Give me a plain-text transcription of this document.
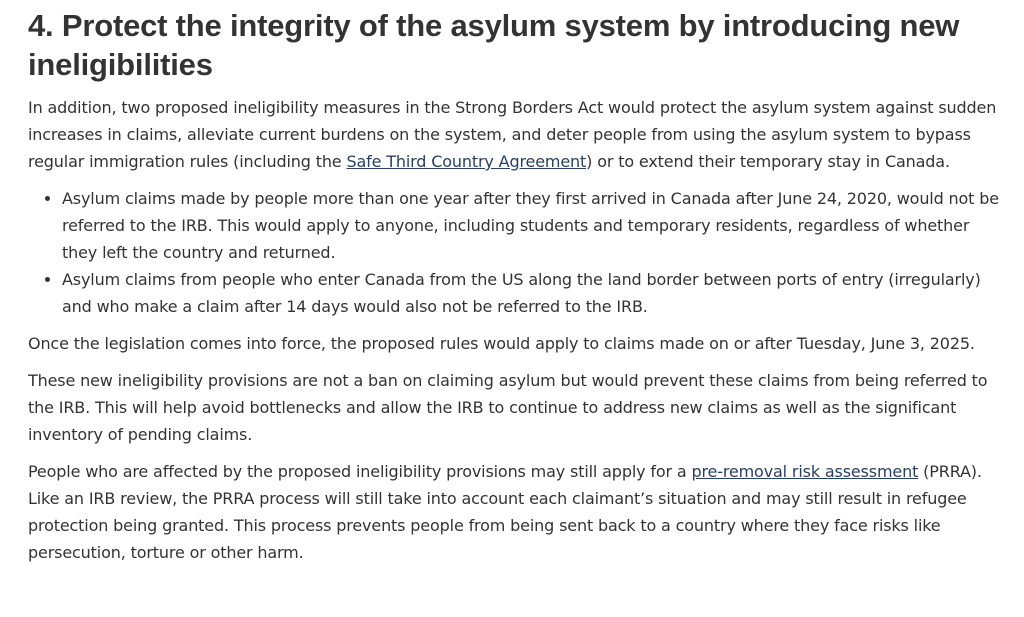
4. Protect the integrity of the asylum system by introducing new ineligibilities

In addition, two proposed ineligibility measures in the Strong Borders Act would protect the asylum system against sudden increases in claims, alleviate current burdens on the system, and deter people from using the asylum system to bypass regular immigration rules (including the Safe Third Country Agreement) or to extend their temporary stay in Canada.

• Asylum claims made by people more than one year after they first arrived in Canada after June 24, 2020, would not be referred to the IRB. This would apply to anyone, including students and temporary residents, regardless of whether they left the country and returned.
• Asylum claims from people who enter Canada from the US along the land border between ports of entry (irregularly) and who make a claim after 14 days would also not be referred to the IRB.

Once the legislation comes into force, the proposed rules would apply to claims made on or after Tuesday, June 3, 2025.

These new ineligibility provisions are not a ban on claiming asylum but would prevent these claims from being referred to the IRB. This will help avoid bottlenecks and allow the IRB to continue to address new claims as well as the significant inventory of pending claims.

People who are affected by the proposed ineligibility provisions may still apply for a pre-removal risk assessment (PRRA). Like an IRB review, the PRRA process will still take into account each claimant’s situation and may still result in refugee protection being granted. This process prevents people from being sent back to a country where they face risks like persecution, torture or other harm.
